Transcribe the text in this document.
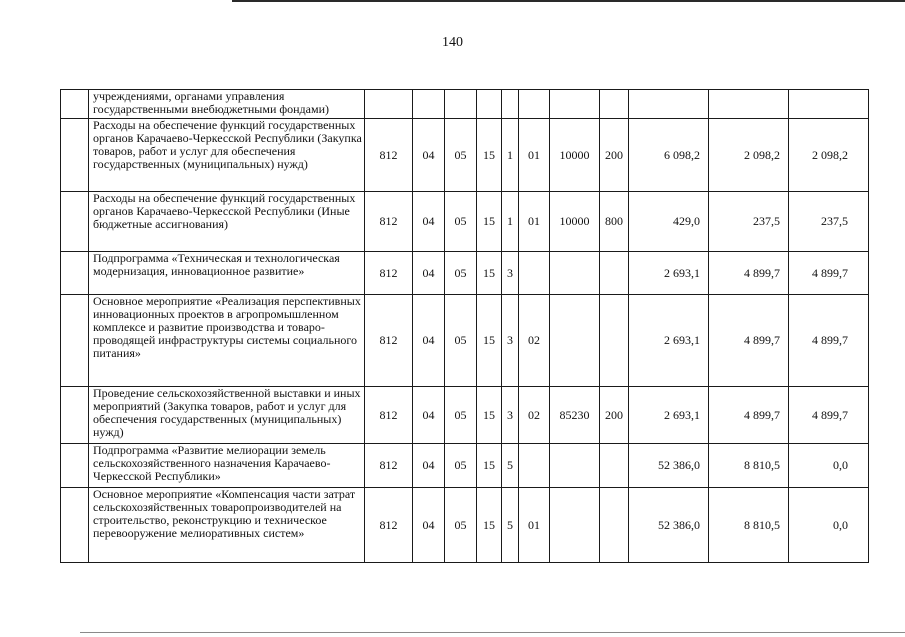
140
	учреждениями, органами управления государственными внебюджетными фондами)											
	Расходы на обеспечение функций государственных органов Карачаево-Черкесской Республики (Закупка товаров, работ и услуг для обеспечения государственных (муниципальных) нужд)	812	04	05	15	1	01	10000	200	6 098,2	2 098,2	2 098,2
	Расходы на обеспечение функций государственных органов Карачаево-Черкесской Республики (Иные бюджетные ассигнования)	812	04	05	15	1	01	10000	800	429,0	237,5	237,5
	Подпрограмма «Техническая и технологическая модернизация, инновационное развитие»	812	04	05	15	3				2 693,1	4 899,7	4 899,7
	Основное мероприятие «Реализация перспективных инновационных проектов в агропромышленном комплексе и развитие производства и товаро-проводящей инфраструктуры системы социального питания»	812	04	05	15	3	02			2 693,1	4 899,7	4 899,7
	Проведение сельскохозяйственной выставки и иных мероприятий (Закупка товаров, работ и услуг для обеспечения государственных (муниципальных) нужд)	812	04	05	15	3	02	85230	200	2 693,1	4 899,7	4 899,7
	Подпрограмма «Развитие мелиорации земель сельскохозяйственного назначения Карачаево-Черкесской Республики»	812	04	05	15	5				52 386,0	8 810,5	0,0
	Основное мероприятие «Компенсация части затрат сельскохозяйственных товаропроизводителей на строительство, реконструкцию и техническое перевооружение мелиоративных систем»	812	04	05	15	5	01			52 386,0	8 810,5	0,0
